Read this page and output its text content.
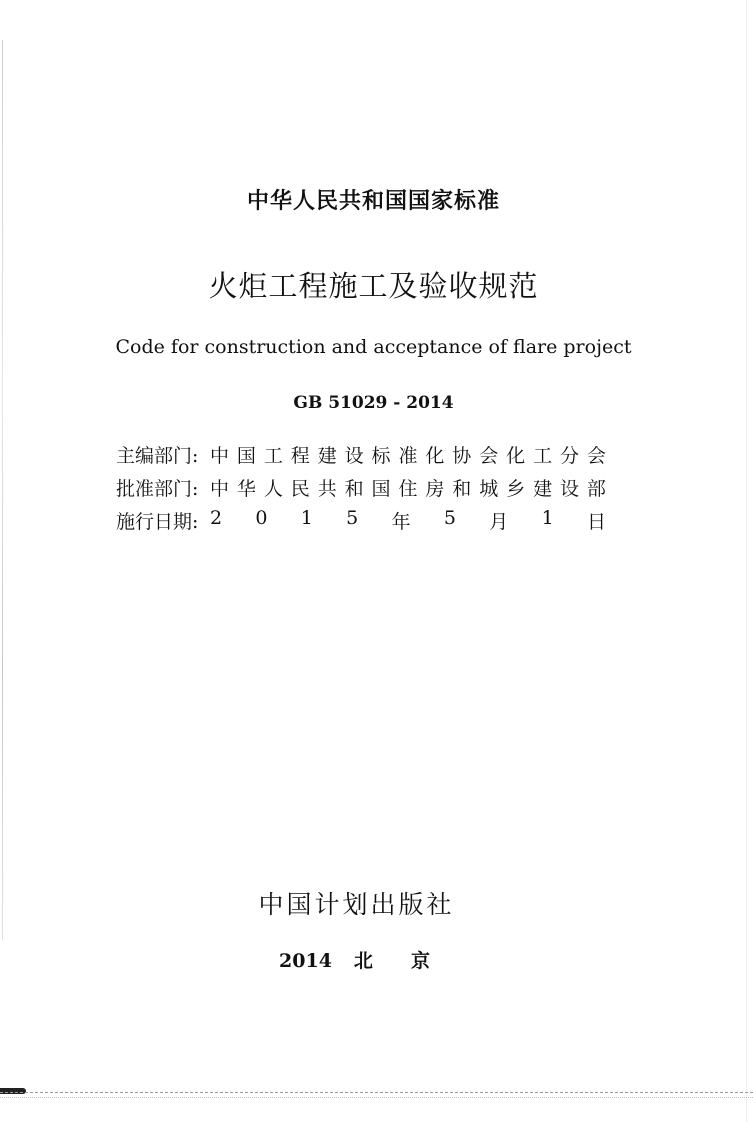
中华人民共和国国家标准
火炬工程施工及验收规范
Code for construction and acceptance of flare project
GB 51029 - 2014
主编部门: 中 国 工 程 建 设 标 准 化 协 会 化 工 分 会
批准部门: 中 华 人 民 共 和 国 住 房 和 城 乡 建 设 部
施行日期: 2 0 1 5 年 5 月 1 日
中国计划出版社
2014 北 京
